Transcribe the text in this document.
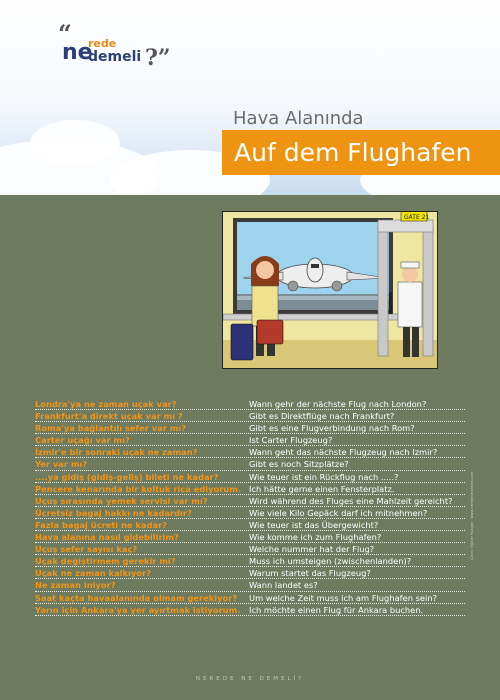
“
ne
rede
demeli ?”
Hava Alanında
Auf dem Flughafen
GATE 21
Londra'ya ne zaman uçak var?	Wann gehr der nächste Flug nach London?
Frankfurt'a direkt uçak var mı ?	Gibt es Direktflüge nach Frankfurt?
Roma'ya bağlantılı sefer var mı?	Gibt es eine Flugverbindung nach Rom?
Carter uçağı var mı?	Ist Carter Flugzeug?
İzmir'e bir sonraki uçak ne zaman?	Wann geht das nächste Flugzeug nach Izmir?
Yer var mı?	Gibt es noch Sitzplätze?
....ya gidiş (gidiş-geliş) bileti ne kadar?	Wie teuer ist ein Rückflug nach .....?
Pencere kenarında bir koltuk rica ediyorum. Ich hätte gerne einen Fensterplatz.
Uçuş sırasında yemek servisi var mı?	Wird während des Fluges eine Mahlzeit gereicht?
Ücretsiz bagaj hakkı ne kadardır?	Wie viele Kilo Gepäck darf ich mitnehmen?
Fazla bagaj ücreti ne kadar?	Wie teuer ist das Übergewicht?
Hava alanına nasıl gidebilirim?	Wie komme ich zum Flughafen?
Uçuş sefer sayısı kaç?	Welche nummer hat der Flug?
Uçak değiştirmem gerekir mi?	Muss ich umsteigen (zwischenlanden)?
Uçak ne zaman kalkıyor?	Warum startet das Flugzeug?
Ne zaman iniyor?	Wann landet es?
Saat kaçta havaalanında olmam gerekiyor? Um welche Zeit muss ich am Flughafen sein?
Yarın için Ankara'ya yer ayırtmak istiyorum. Ich möchte einen Flug für Ankara buchen.
Çizim: Yiğitler Rüzgarı · www.neredenedemeli.com
NEREDE NE DEMELİ?
